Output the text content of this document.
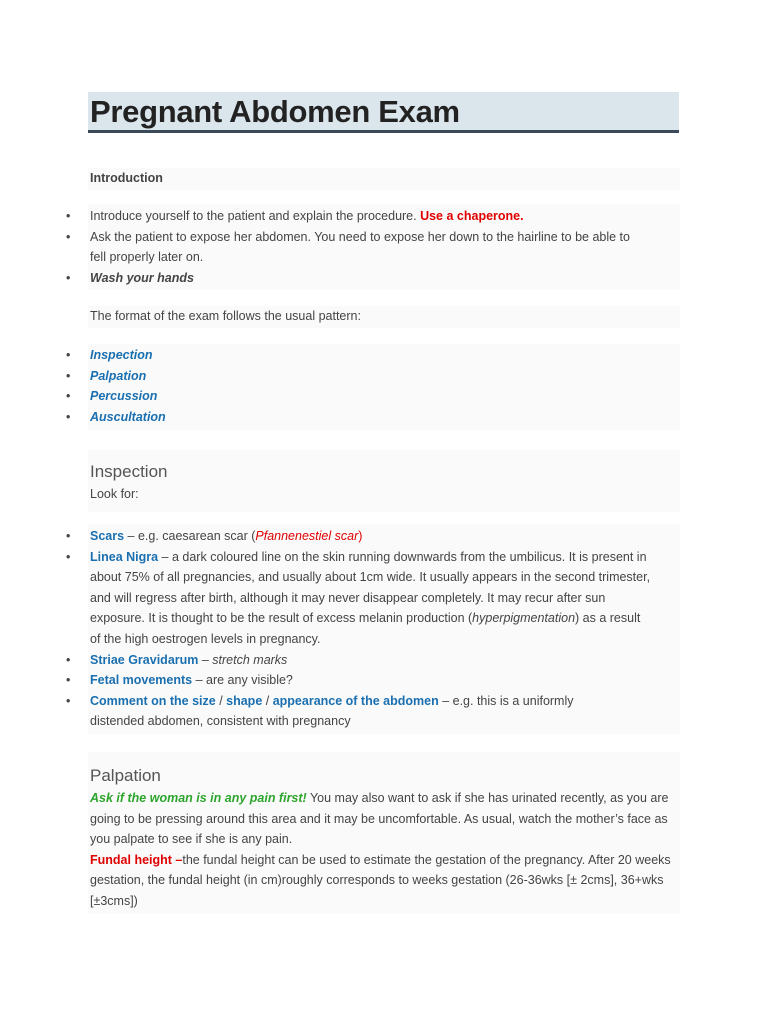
Pregnant Abdomen Exam
Introduction
• Introduce yourself to the patient and explain the procedure. Use a chaperone.
• Ask the patient to expose her abdomen. You need to expose her down to the hairline to be able to fell properly later on.
• Wash your hands
The format of the exam follows the usual pattern:
• Inspection
• Palpation
• Percussion
• Auscultation
Inspection
Look for:
• Scars – e.g. caesarean scar (Pfannenestiel scar)
• Linea Nigra – a dark coloured line on the skin running downwards from the umbilicus. It is present in about 75% of all pregnancies, and usually about 1cm wide. It usually appears in the second trimester, and will regress after birth, although it may never disappear completely. It may recur after sun exposure. It is thought to be the result of excess melanin production (hyperpigmentation) as a result of the high oestrogen levels in pregnancy.
• Striae Gravidarum – stretch marks
• Fetal movements – are any visible?
• Comment on the size / shape / appearance of the abdomen – e.g. this is a uniformly distended abdomen, consistent with pregnancy
Palpation
Ask if the woman is in any pain first! You may also want to ask if she has urinated recently, as you are going to be pressing around this area and it may be uncomfortable. As usual, watch the mother’s face as you palpate to see if she is any pain.
Fundal height –the fundal height can be used to estimate the gestation of the pregnancy. After 20 weeks gestation, the fundal height (in cm)roughly corresponds to weeks gestation (26-36wks [± 2cms], 36+wks [±3cms])
